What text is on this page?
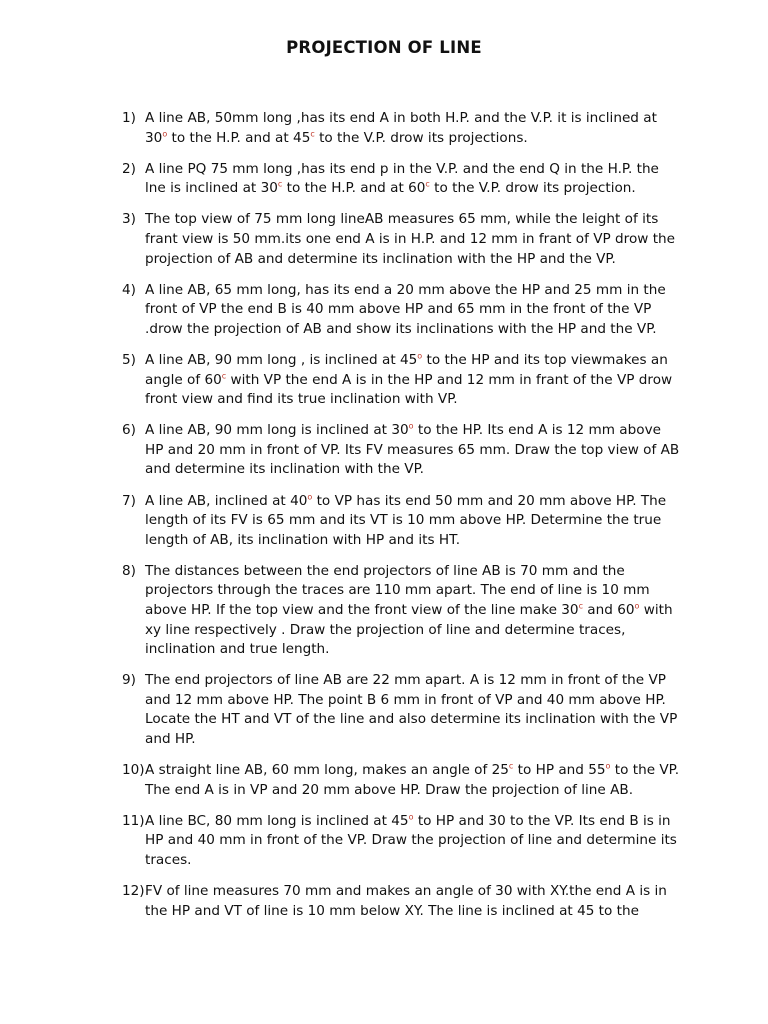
PROJECTION OF LINE
1) A line AB, 50mm long ,has its end A in both H.P. and the V.P. it is inclined at 30$^o$ to the H.P. and at 45$^c$ to the V.P. drow its projections.
2) A line PQ 75 mm long ,has its end p in the V.P. and the end Q in the H.P. the lne is inclined at 30$^c$ to the H.P. and at 60$^c$ to the V.P. drow its projection.
3) The top view of 75 mm long lineAB measures 65 mm, while the leight of its frant view is 50 mm.its one end A is in H.P. and 12 mm in frant of VP drow the projection of AB and determine its inclination with the HP and the VP.
4) A line AB, 65 mm long, has its end a 20 mm above the HP and 25 mm in the front of VP the end B is 40 mm above HP and 65 mm in the front of the VP .drow the projection of AB and show its inclinations with the HP and the VP.
5) A line AB, 90 mm long , is inclined at 45$^o$ to the HP and its top viewmakes an angle of 60$^c$ with VP the end A is in the HP and 12 mm in frant of the VP drow front view and find its true inclination with VP.
6) A line AB, 90 mm long is inclined at 30$^o$ to the HP. Its end A is 12 mm above HP and 20 mm in front of VP. Its FV measures 65 mm. Draw the top view of AB and determine its inclination with the VP.
7) A line AB, inclined at 40$^o$ to VP has its end 50 mm and 20 mm above HP. The length of its FV is 65 mm and its VT is 10 mm above HP. Determine the true length of AB, its inclination with HP and its HT.
8) The distances between the end projectors of line AB is 70 mm and the projectors through the traces are 110 mm apart. The end of line is 10 mm above HP. If the top view and the front view of the line make 30$^c$ and 60$^o$ with xy line respectively . Draw the projection of line and determine traces, inclination and true length.
9) The end projectors of line AB are 22 mm apart. A is 12 mm in front of the VP and 12 mm above HP. The point B 6 mm in front of VP and 40 mm above HP. Locate the HT and VT of the line and also determine its inclination with the VP and HP.
10) A straight line AB, 60 mm long, makes an angle of 25$^c$ to HP and 55$^o$ to the VP. The end A is in VP and 20 mm above HP. Draw the projection of line AB.
11) A line BC, 80 mm long is inclined at 45$^o$ to HP and 30 to the VP. Its end B is in HP and 40 mm in front of the VP. Draw the projection of line and determine its traces.
12) FV of line measures 70 mm and makes an angle of 30 with XY.the end A is in the HP and VT of line is 10 mm below XY. The line is inclined at 45 to the
